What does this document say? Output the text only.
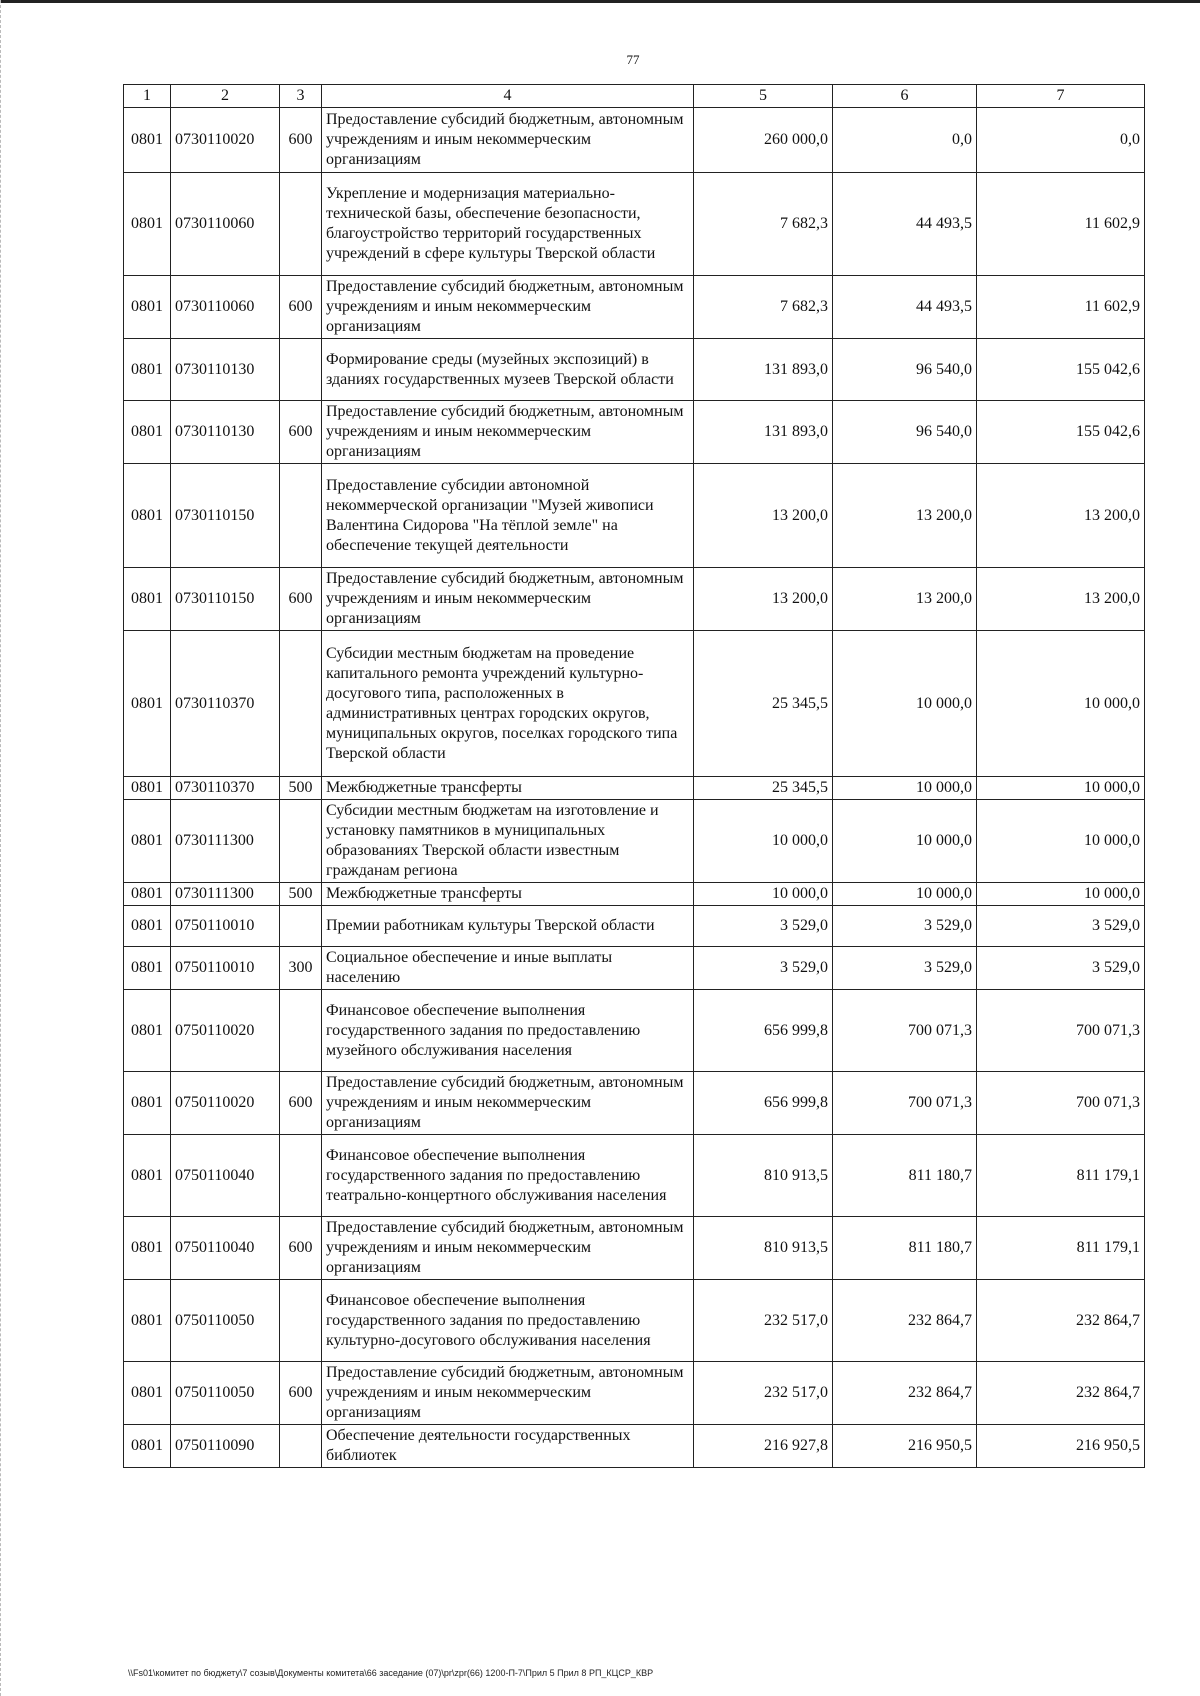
77
1	2	3	4	5	6	7
0801	0730110020	600	Предоставление субсидий бюджетным, автономным учреждениям и иным некоммерческим организациям	260 000,0	0,0	0,0
0801	0730110060		Укрепление и модернизация материально-технической базы, обеспечение безопасности, благоустройство территорий государственных учреждений в сфере культуры Тверской области	7 682,3	44 493,5	11 602,9
0801	0730110060	600	Предоставление субсидий бюджетным, автономным учреждениям и иным некоммерческим организациям	7 682,3	44 493,5	11 602,9
0801	0730110130		Формирование среды (музейных экспозиций) в зданиях государственных музеев Тверской области	131 893,0	96 540,0	155 042,6
0801	0730110130	600	Предоставление субсидий бюджетным, автономным учреждениям и иным некоммерческим организациям	131 893,0	96 540,0	155 042,6
0801	0730110150		Предоставление субсидии автономной некоммерческой организации "Музей живописи Валентина Сидорова "На тёплой земле" на обеспечение текущей деятельности	13 200,0	13 200,0	13 200,0
0801	0730110150	600	Предоставление субсидий бюджетным, автономным учреждениям и иным некоммерческим организациям	13 200,0	13 200,0	13 200,0
0801	0730110370		Субсидии местным бюджетам на проведение капитального ремонта учреждений культурно-досугового типа, расположенных в административных центрах городских округов, муниципальных округов, поселках городского типа Тверской области	25 345,5	10 000,0	10 000,0
0801	0730110370	500	Межбюджетные трансферты	25 345,5	10 000,0	10 000,0
0801	0730111300		Субсидии местным бюджетам на изготовление и установку памятников в муниципальных образованиях Тверской области известным гражданам региона	10 000,0	10 000,0	10 000,0
0801	0730111300	500	Межбюджетные трансферты	10 000,0	10 000,0	10 000,0
0801	0750110010		Премии работникам культуры Тверской области	3 529,0	3 529,0	3 529,0
0801	0750110010	300	Социальное обеспечение и иные выплаты населению	3 529,0	3 529,0	3 529,0
0801	0750110020		Финансовое обеспечение выполнения государственного задания по предоставлению музейного обслуживания населения	656 999,8	700 071,3	700 071,3
0801	0750110020	600	Предоставление субсидий бюджетным, автономным учреждениям и иным некоммерческим организациям	656 999,8	700 071,3	700 071,3
0801	0750110040		Финансовое обеспечение выполнения государственного задания по предоставлению театрально-концертного обслуживания населения	810 913,5	811 180,7	811 179,1
0801	0750110040	600	Предоставление субсидий бюджетным, автономным учреждениям и иным некоммерческим организациям	810 913,5	811 180,7	811 179,1
0801	0750110050		Финансовое обеспечение выполнения государственного задания по предоставлению культурно-досугового обслуживания населения	232 517,0	232 864,7	232 864,7
0801	0750110050	600	Предоставление субсидий бюджетным, автономным учреждениям и иным некоммерческим организациям	232 517,0	232 864,7	232 864,7
0801	0750110090		Обеспечение деятельности государственных библиотек	216 927,8	216 950,5	216 950,5
\\Fs01\комитет по бюджету\7 созыв\Документы комитета\66 заседание (07)\pr\zpr(66) 1200-П-7\Прил 5 Прил 8 РП_КЦСР_КВР
